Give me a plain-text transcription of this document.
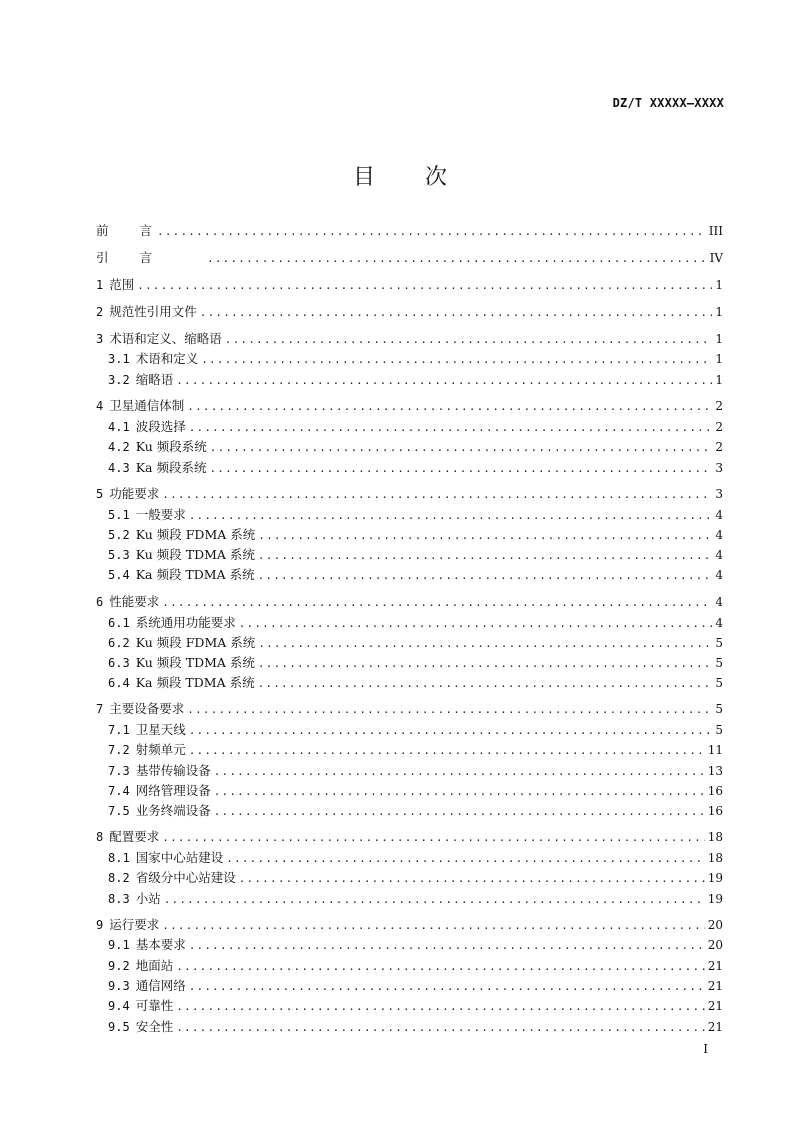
DZ/T XXXXX—XXXX
目 次
前　　言 .....	III
引　　言 .....	IV
1 范围 .....	1
2 规范性引用文件 .....	1
3 术语和定义、缩略语 .....	1
3.1 术语和定义 .....	1
3.2 缩略语 .....	1
4 卫星通信体制 .....	2
4.1 波段选择 .....	2
4.2 Ku 频段系统 .....	2
4.3 Ka 频段系统 .....	3
5 功能要求 .....	3
5.1 一般要求 .....	4
5.2 Ku 频段 FDMA 系统 .....	4
5.3 Ku 频段 TDMA 系统 .....	4
5.4 Ka 频段 TDMA 系统 .....	4
6 性能要求 .....	4
6.1 系统通用功能要求 .....	4
6.2 Ku 频段 FDMA 系统 .....	5
6.3 Ku 频段 TDMA 系统 .....	5
6.4 Ka 频段 TDMA 系统 .....	5
7 主要设备要求 .....	5
7.1 卫星天线 .....	5
7.2 射频单元 .....	11
7.3 基带传输设备 .....	13
7.4 网络管理设备 .....	16
7.5 业务终端设备 .....	16
8 配置要求 .....	18
8.1 国家中心站建设 .....	18
8.2 省级分中心站建设 .....	19
8.3 小站 .....	19
9 运行要求 .....	20
9.1 基本要求 .....	20
9.2 地面站 .....	21
9.3 通信网络 .....	21
9.4 可靠性 .....	21
9.5 安全性 .....	21
I
